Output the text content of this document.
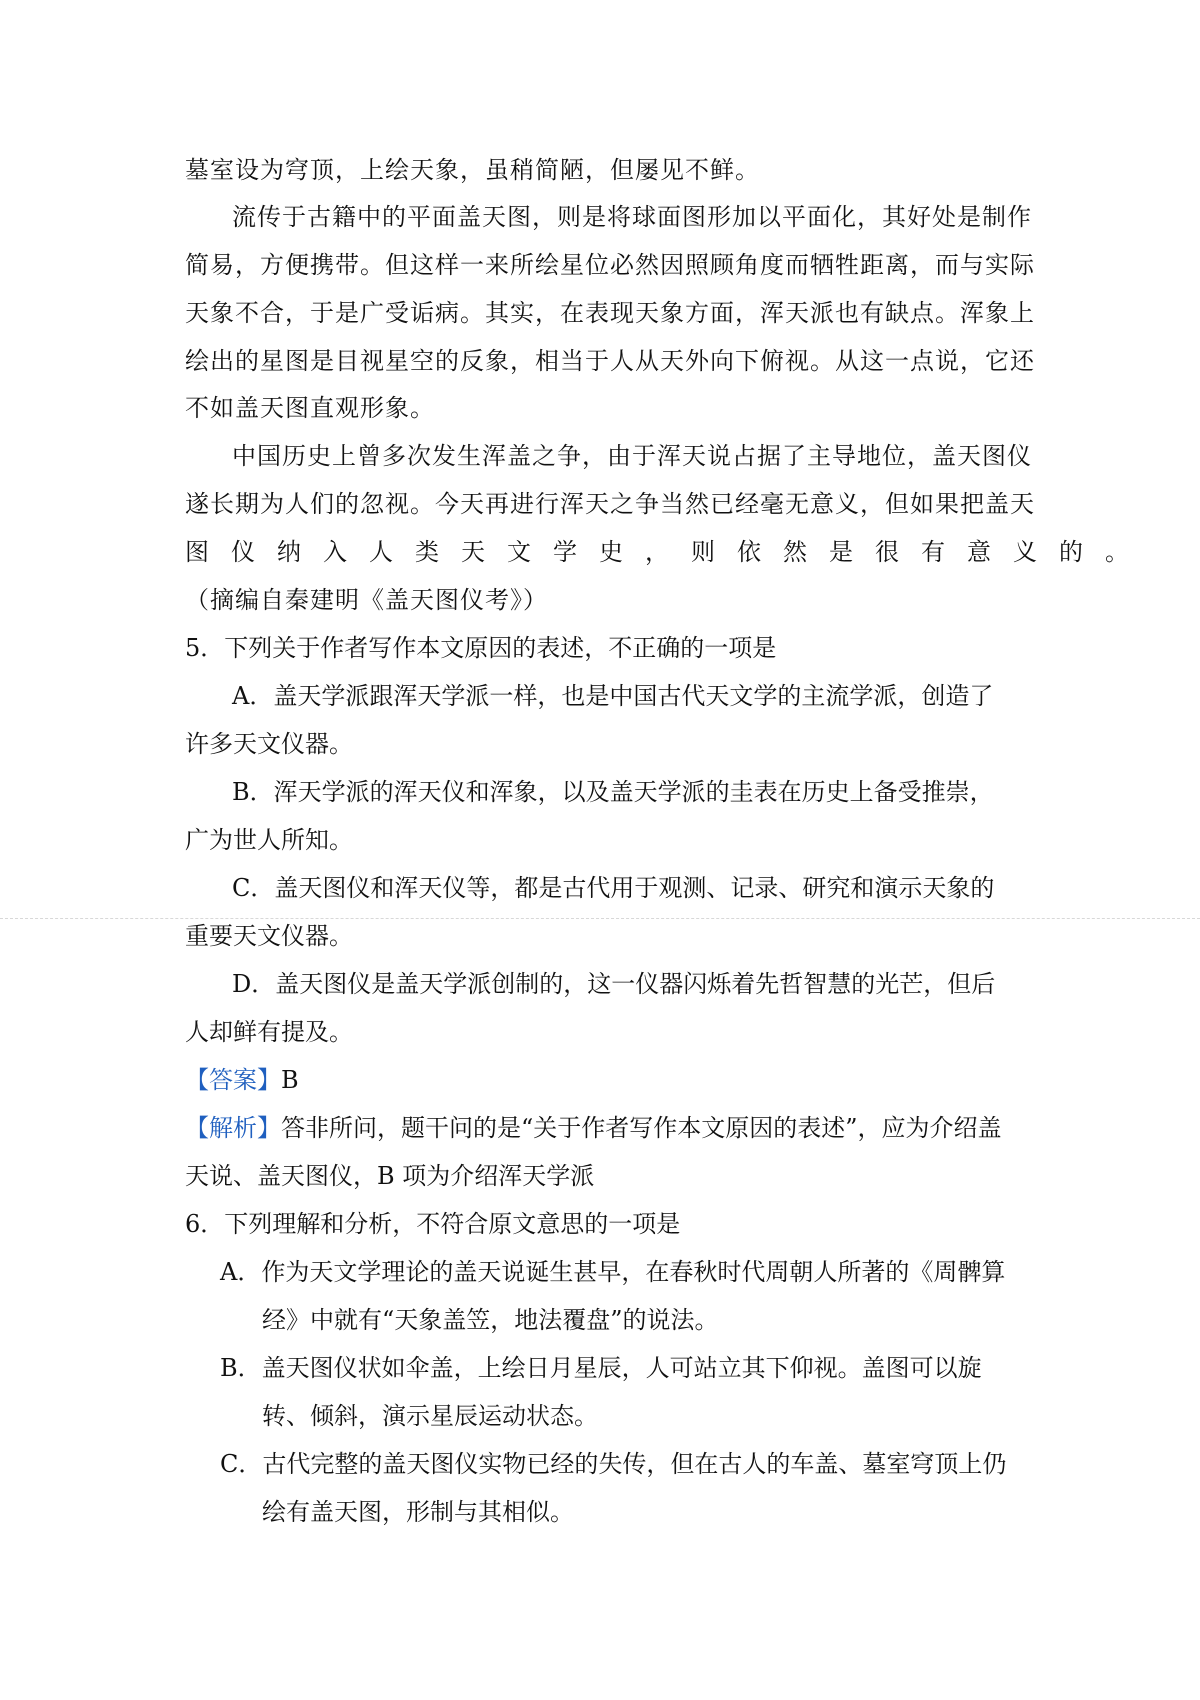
墓室设为穹顶，上绘天象，虽稍简陋，但屡见不鲜。
流传于古籍中的平面盖天图，则是将球面图形加以平面化，其好处是制作
简易，方便携带。但这样一来所绘星位必然因照顾角度而牺牲距离，而与实际
天象不合，于是广受诟病。其实，在表现天象方面，浑天派也有缺点。浑象上
绘出的星图是目视星空的反象，相当于人从天外向下俯视。从这一点说，它还
不如盖天图直观形象。
中国历史上曾多次发生浑盖之争，由于浑天说占据了主导地位，盖天图仪
遂长期为人们的忽视。今天再进行浑天之争当然已经毫无意义，但如果把盖天
图仪纳入人类天文学史，则依然是很有意义的。
（摘编自秦建明《盖天图仪考》）
5．下列关于作者写作本文原因的表述，不正确的一项是
A．盖天学派跟浑天学派一样，也是中国古代天文学的主流学派，创造了
许多天文仪器。
B．浑天学派的浑天仪和浑象，以及盖天学派的圭表在历史上备受推崇，
广为世人所知。
C．盖天图仪和浑天仪等，都是古代用于观测、记录、研究和演示天象的
重要天文仪器。
D．盖天图仪是盖天学派创制的，这一仪器闪烁着先哲智慧的光芒，但后
人却鲜有提及。
【答案】B
【解析】答非所问，题干问的是“关于作者写作本文原因的表述”，应为介绍盖
天说、盖天图仪，B 项为介绍浑天学派
6．下列理解和分析，不符合原文意思的一项是
A．作为天文学理论的盖天说诞生甚早，在春秋时代周朝人所著的《周髀算
经》中就有“天象盖笠，地法覆盘”的说法。
B．盖天图仪状如伞盖，上绘日月星辰，人可站立其下仰视。盖图可以旋
转、倾斜，演示星辰运动状态。
C．古代完整的盖天图仪实物已经的失传，但在古人的车盖、墓室穹顶上仍
绘有盖天图，形制与其相似。
